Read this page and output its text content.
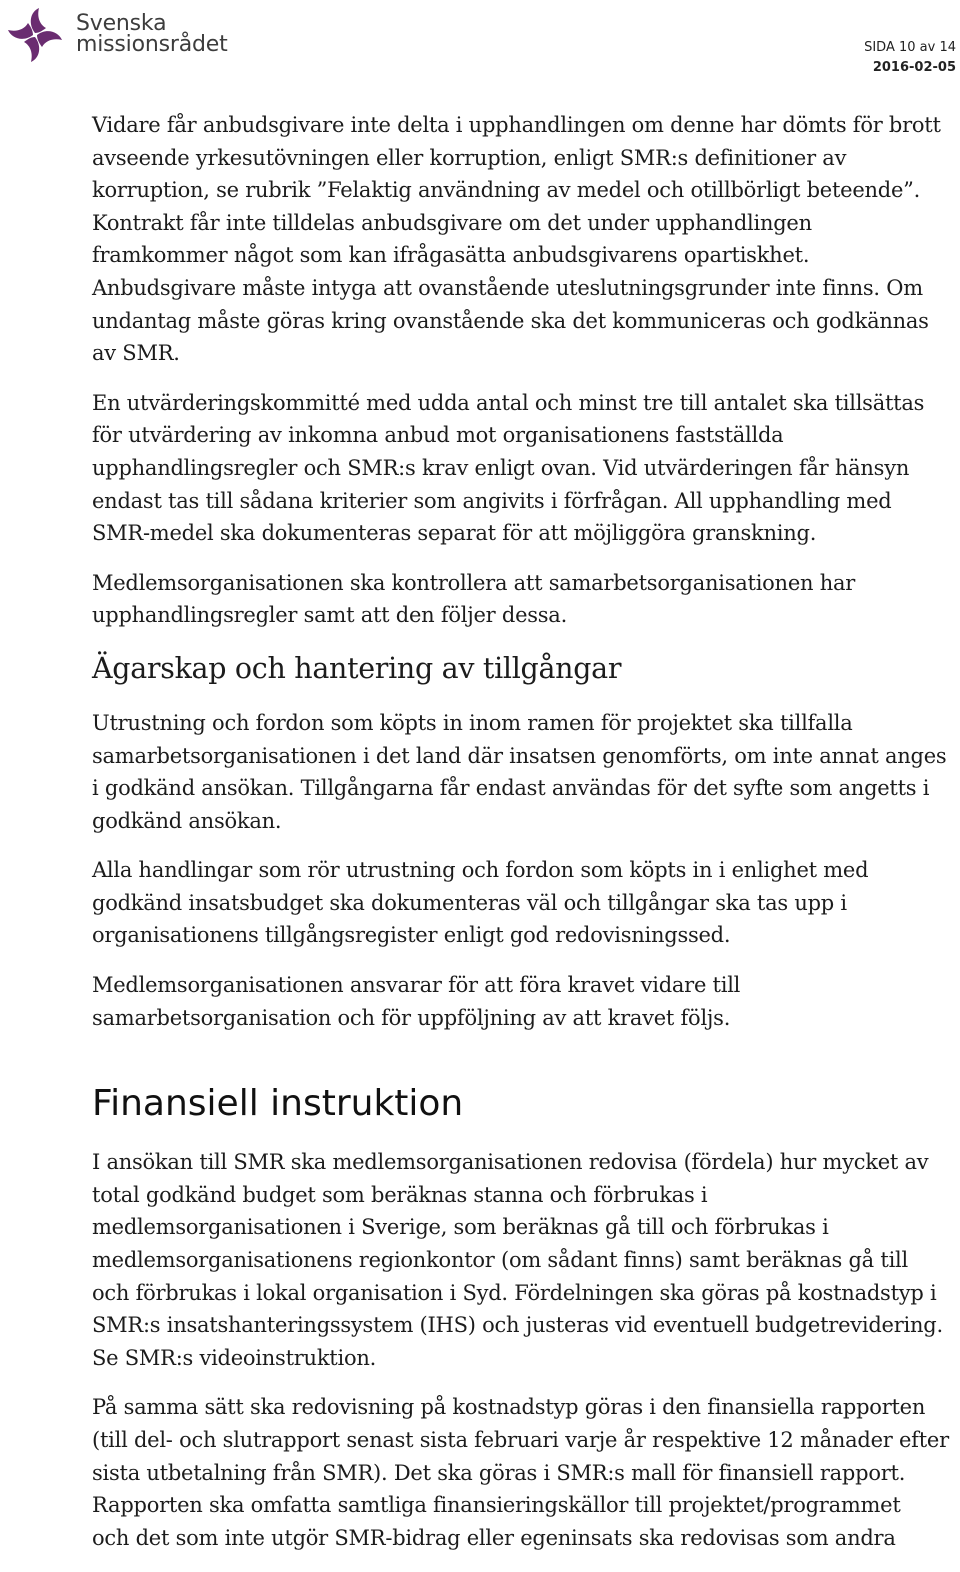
Svenska
missionsrådet	SIDA 10 av 14
2016-02-05

Vidare får anbudsgivare inte delta i upphandlingen om denne har dömts för brott
avseende yrkesutövningen eller korruption, enligt SMR:s definitioner av
korruption, se rubrik ”Felaktig användning av medel och otillbörligt beteende”.
Kontrakt får inte tilldelas anbudsgivare om det under upphandlingen
framkommer något som kan ifrågasätta anbudsgivarens opartiskhet.
Anbudsgivare måste intyga att ovanstående uteslutningsgrunder inte finns. Om
undantag måste göras kring ovanstående ska det kommuniceras och godkännas
av SMR.

En utvärderingskommitté med udda antal och minst tre till antalet ska tillsättas
för utvärdering av inkomna anbud mot organisationens fastställda
upphandlingsregler och SMR:s krav enligt ovan. Vid utvärderingen får hänsyn
endast tas till sådana kriterier som angivits i förfrågan. All upphandling med
SMR-medel ska dokumenteras separat för att möjliggöra granskning.

Medlemsorganisationen ska kontrollera att samarbetsorganisationen har
upphandlingsregler samt att den följer dessa.

Ägarskap och hantering av tillgångar

Utrustning och fordon som köpts in inom ramen för projektet ska tillfalla
samarbetsorganisationen i det land där insatsen genomförts, om inte annat anges
i godkänd ansökan. Tillgångarna får endast användas för det syfte som angetts i
godkänd ansökan.

Alla handlingar som rör utrustning och fordon som köpts in i enlighet med
godkänd insatsbudget ska dokumenteras väl och tillgångar ska tas upp i
organisationens tillgångsregister enligt god redovisningssed.

Medlemsorganisationen ansvarar för att föra kravet vidare till
samarbetsorganisation och för uppföljning av att kravet följs.

Finansiell instruktion

I ansökan till SMR ska medlemsorganisationen redovisa (fördela) hur mycket av
total godkänd budget som beräknas stanna och förbrukas i
medlemsorganisationen i Sverige, som beräknas gå till och förbrukas i
medlemsorganisationens regionkontor (om sådant finns) samt beräknas gå till
och förbrukas i lokal organisation i Syd. Fördelningen ska göras på kostnadstyp i
SMR:s insatshanteringssystem (IHS) och justeras vid eventuell budgetrevidering.
Se SMR:s videoinstruktion.

På samma sätt ska redovisning på kostnadstyp göras i den finansiella rapporten
(till del- och slutrapport senast sista februari varje år respektive 12 månader efter
sista utbetalning från SMR). Det ska göras i SMR:s mall för finansiell rapport.
Rapporten ska omfatta samtliga finansieringskällor till projektet/programmet
och det som inte utgör SMR-bidrag eller egeninsats ska redovisas som andra
